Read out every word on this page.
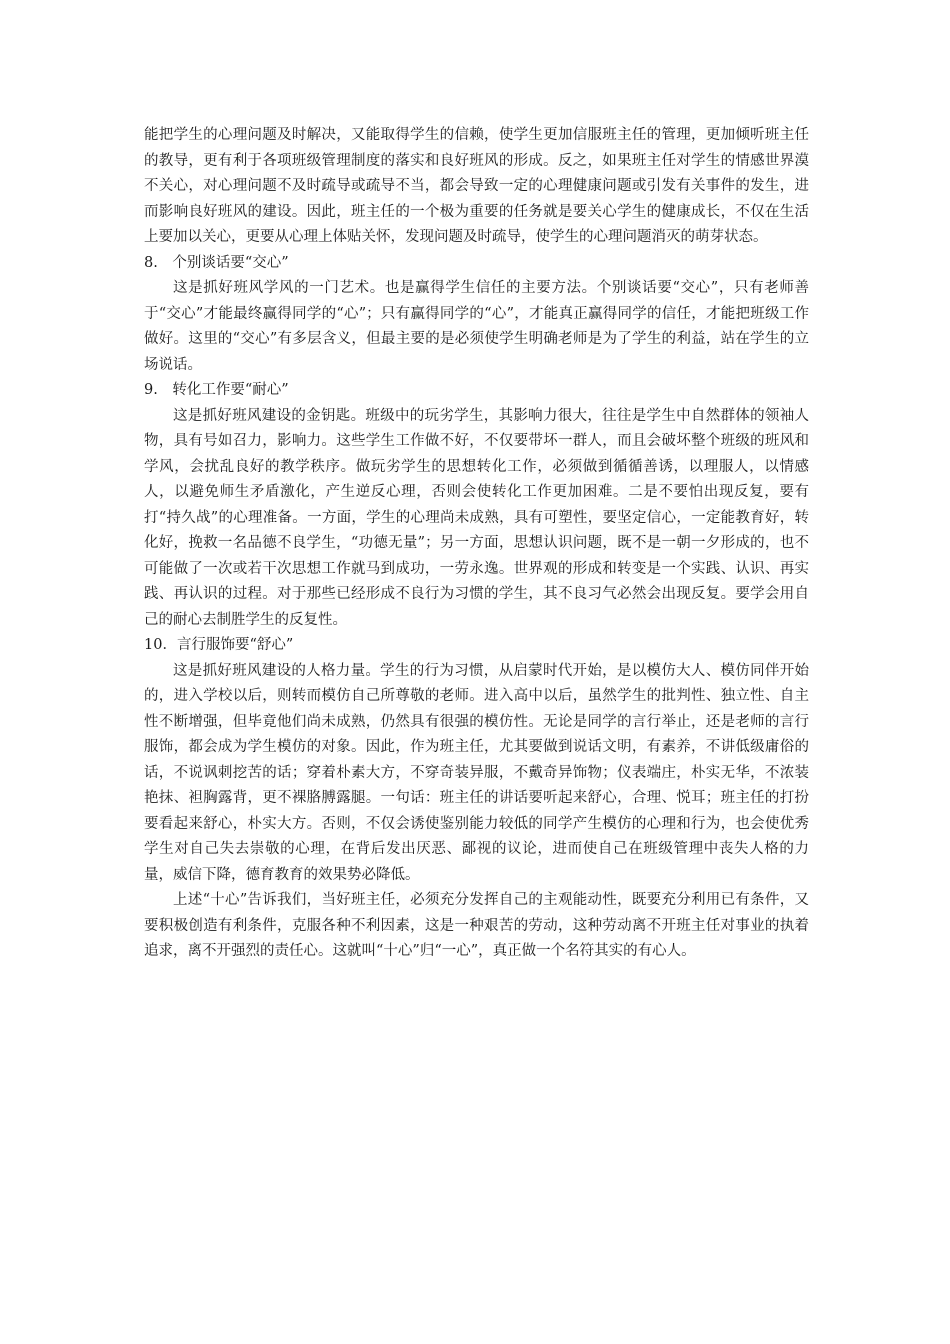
能把学生的心理问题及时解决，又能取得学生的信赖，使学生更加信服班主任的管理，更加倾听班主任的教导，更有利于各项班级管理制度的落实和良好班风的形成。反之，如果班主任对学生的情感世界漠不关心，对心理问题不及时疏导或疏导不当，都会导致一定的心理健康问题或引发有关事件的发生，进而影响良好班风的建设。因此，班主任的一个极为重要的任务就是要关心学生的健康成长，不仅在生活上要加以关心，更要从心理上体贴关怀，发现问题及时疏导，使学生的心理问题消灭的萌芽状态。

8.　个别谈话要“交心”

这是抓好班风学风的一门艺术。也是赢得学生信任的主要方法。个别谈话要“交心”，只有老师善于“交心”才能最终赢得同学的“心”；只有赢得同学的“心”，才能真正赢得同学的信任，才能把班级工作做好。这里的“交心”有多层含义，但最主要的是必须使学生明确老师是为了学生的利益，站在学生的立场说话。

9.　转化工作要“耐心”

这是抓好班风建设的金钥匙。班级中的玩劣学生，其影响力很大，往往是学生中自然群体的领袖人物，具有号如召力，影响力。这些学生工作做不好，不仅要带坏一群人，而且会破坏整个班级的班风和学风，会扰乱良好的教学秩序。做玩劣学生的思想转化工作，必须做到循循善诱，以理服人，以情感人，以避免师生矛盾激化，产生逆反心理，否则会使转化工作更加困难。二是不要怕出现反复，要有打“持久战”的心理准备。一方面，学生的心理尚未成熟，具有可塑性，要坚定信心，一定能教育好，转化好，挽救一名品德不良学生，“功德无量”；另一方面，思想认识问题，既不是一朝一夕形成的，也不可能做了一次或若干次思想工作就马到成功，一劳永逸。世界观的形成和转变是一个实践、认识、再实践、再认识的过程。对于那些已经形成不良行为习惯的学生，其不良习气必然会出现反复。要学会用自己的耐心去制胜学生的反复性。

10．言行服饰要“舒心”

这是抓好班风建设的人格力量。学生的行为习惯，从启蒙时代开始，是以模仿大人、模仿同伴开始的，进入学校以后，则转而模仿自己所尊敬的老师。进入高中以后，虽然学生的批判性、独立性、自主性不断增强，但毕竟他们尚未成熟，仍然具有很强的模仿性。无论是同学的言行举止，还是老师的言行服饰，都会成为学生模仿的对象。因此，作为班主任，尤其要做到说话文明，有素养，不讲低级庸俗的话，不说讽刺挖苦的话；穿着朴素大方，不穿奇装异服，不戴奇异饰物；仪表端庄，朴实无华，不浓装艳抹、袒胸露背，更不裸胳膊露腿。一句话：班主任的讲话要听起来舒心，合理、悦耳；班主任的打扮要看起来舒心，朴实大方。否则，不仅会诱使鉴别能力较低的同学产生模仿的心理和行为，也会使优秀学生对自己失去崇敬的心理，在背后发出厌恶、鄙视的议论，进而使自己在班级管理中丧失人格的力量，威信下降，德育教育的效果势必降低。

上述“十心”告诉我们，当好班主任，必须充分发挥自己的主观能动性，既要充分利用已有条件，又要积极创造有利条件，克服各种不利因素，这是一种艰苦的劳动，这种劳动离不开班主任对事业的执着追求，离不开强烈的责任心。这就叫“十心”归“一心”，真正做一个名符其实的有心人。
